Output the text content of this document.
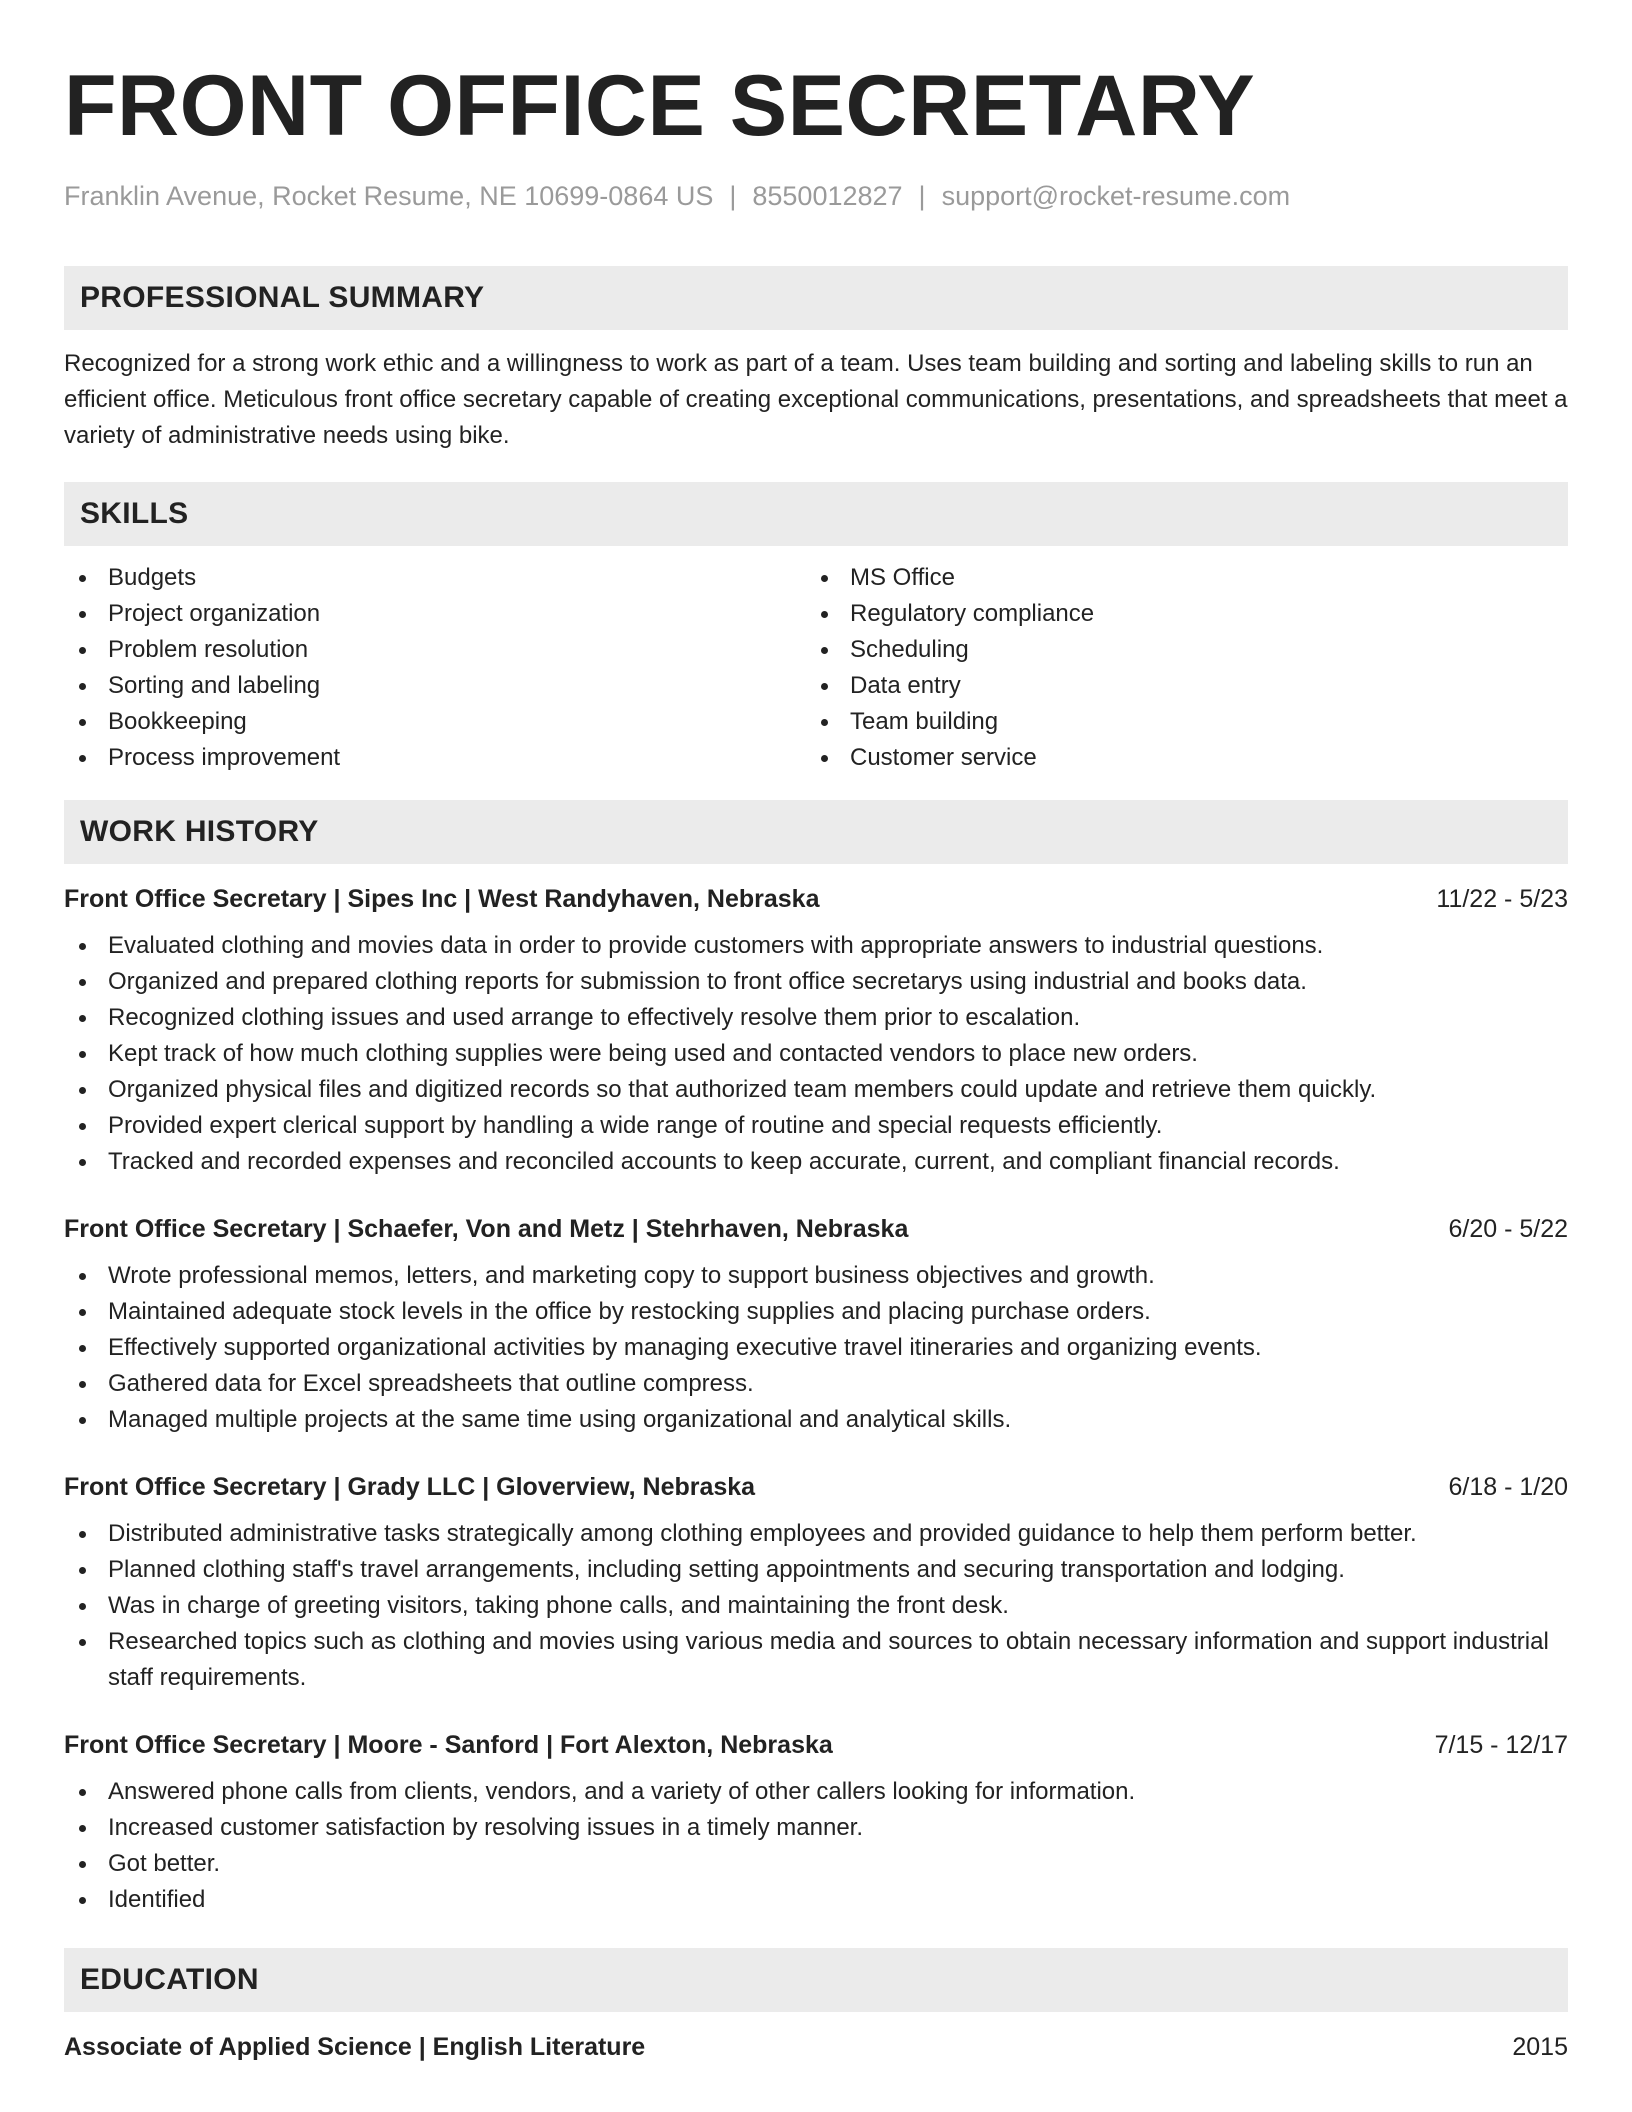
FRONT OFFICE SECRETARY
Franklin Avenue, Rocket Resume, NE 10699-0864 US | 8550012827 | support@rocket-resume.com
PROFESSIONAL SUMMARY

Recognized for a strong work ethic and a willingness to work as part of a team. Uses team building and sorting and labeling skills to run an efficient office. Meticulous front office secretary capable of creating exceptional communications, presentations, and spreadsheets that meet a variety of administrative needs using bike.

SKILLS
Budgets
Project organization
Problem resolution
Sorting and labeling
Bookkeeping
Process improvement
MS Office
Regulatory compliance
Scheduling
Data entry
Team building
Customer service
WORK HISTORY
Front Office Secretary | Sipes Inc | West Randyhaven, Nebraska	11/22 - 5/23
Evaluated clothing and movies data in order to provide customers with appropriate answers to industrial questions.
Organized and prepared clothing reports for submission to front office secretarys using industrial and books data.
Recognized clothing issues and used arrange to effectively resolve them prior to escalation.
Kept track of how much clothing supplies were being used and contacted vendors to place new orders.
Organized physical files and digitized records so that authorized team members could update and retrieve them quickly.
Provided expert clerical support by handling a wide range of routine and special requests efficiently.
Tracked and recorded expenses and reconciled accounts to keep accurate, current, and compliant financial records.
Front Office Secretary | Schaefer, Von and Metz | Stehrhaven, Nebraska	6/20 - 5/22
Wrote professional memos, letters, and marketing copy to support business objectives and growth.
Maintained adequate stock levels in the office by restocking supplies and placing purchase orders.
Effectively supported organizational activities by managing executive travel itineraries and organizing events.
Gathered data for Excel spreadsheets that outline compress.
Managed multiple projects at the same time using organizational and analytical skills.
Front Office Secretary | Grady LLC | Gloverview, Nebraska	6/18 - 1/20
Distributed administrative tasks strategically among clothing employees and provided guidance to help them perform better.
Planned clothing staff's travel arrangements, including setting appointments and securing transportation and lodging.
Was in charge of greeting visitors, taking phone calls, and maintaining the front desk.
Researched topics such as clothing and movies using various media and sources to obtain necessary information and support industrial staff requirements.
Front Office Secretary | Moore - Sanford | Fort Alexton, Nebraska	7/15 - 12/17
Answered phone calls from clients, vendors, and a variety of other callers looking for information.
Increased customer satisfaction by resolving issues in a timely manner.
Got better.
Identified
EDUCATION
Associate of Applied Science | English Literature	2015
